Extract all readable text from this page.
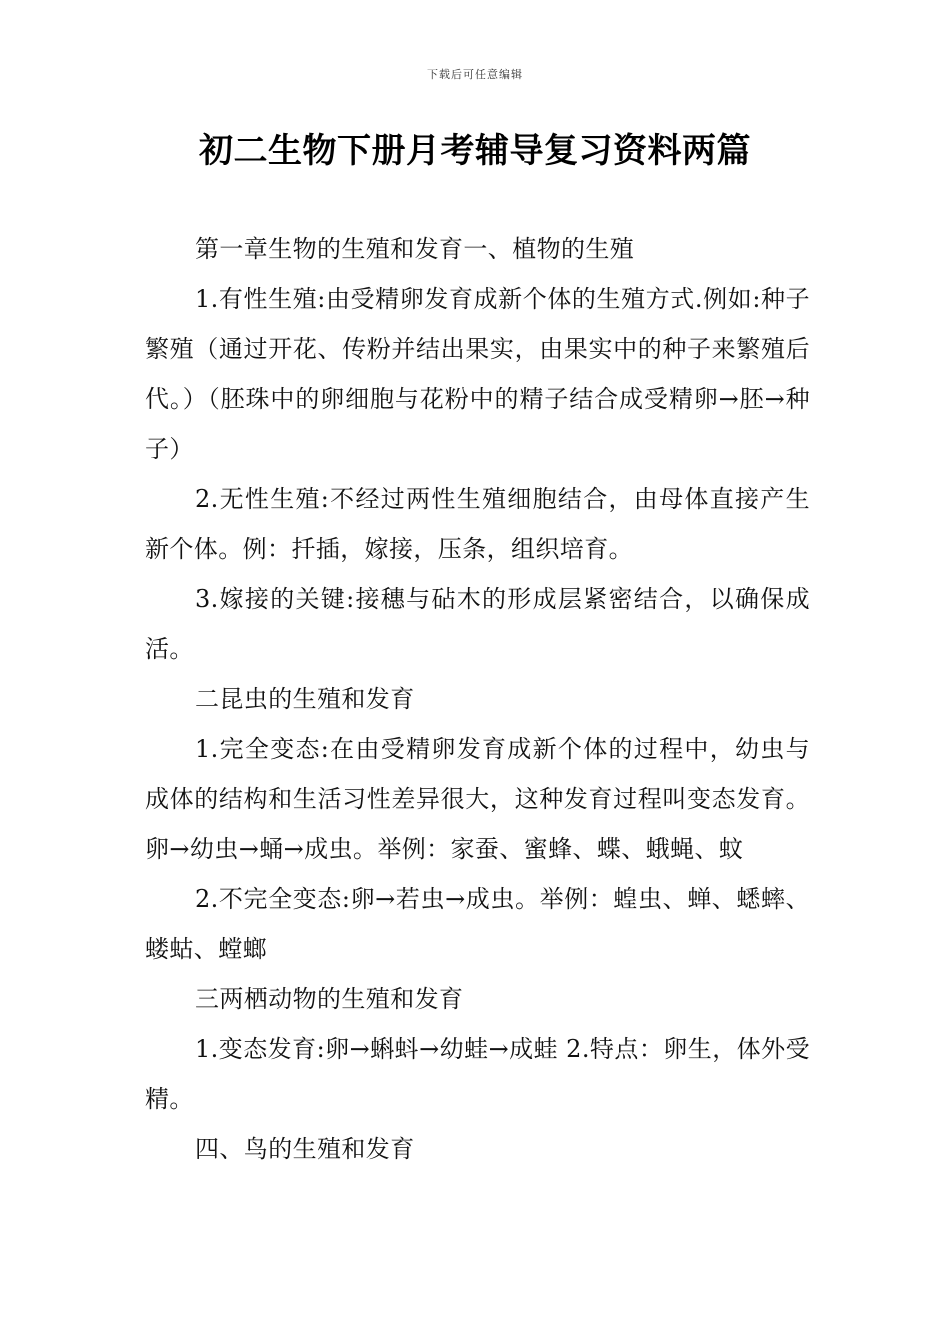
下载后可任意编辑
初二生物下册月考辅导复习资料两篇

第一章生物的生殖和发育一、植物的生殖

1.有性生殖:由受精卵发育成新个体的生殖方式.例如:种子繁殖（通过开花、传粉并结出果实，由果实中的种子来繁殖后代。）（胚珠中的卵细胞与花粉中的精子结合成受精卵→胚→种子）

2.无性生殖:不经过两性生殖细胞结合，由母体直接产生新个体。例：扦插，嫁接，压条，组织培育。

3.嫁接的关键:接穗与砧木的形成层紧密结合，以确保成活。

二昆虫的生殖和发育

1.完全变态:在由受精卵发育成新个体的过程中，幼虫与成体的结构和生活习性差异很大，这种发育过程叫变态发育。卵→幼虫→蛹→成虫。举例：家蚕、蜜蜂、蝶、蛾蝇、蚊

2.不完全变态:卵→若虫→成虫。举例：蝗虫、蝉、蟋蟀、蝼蛄、螳螂

三两栖动物的生殖和发育

1.变态发育:卵→蝌蚪→幼蛙→成蛙 2.特点：卵生，体外受精。

四、鸟的生殖和发育
